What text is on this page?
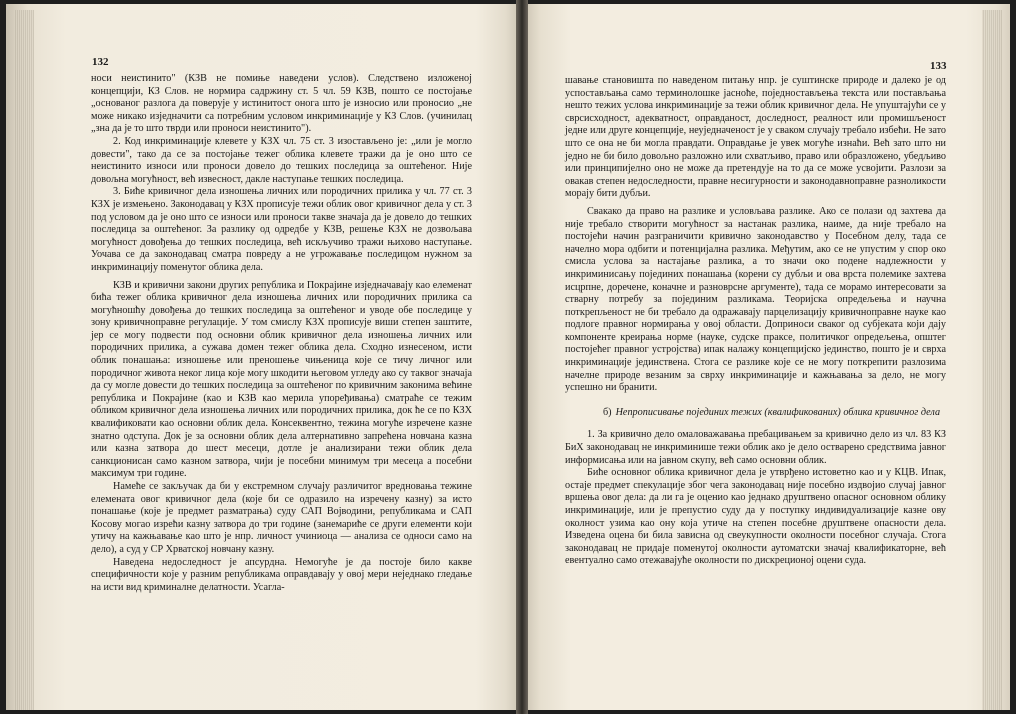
132	133

носи неистинито" (КЗВ не помиње наведени услов). Следствено изложеној концепцији, КЗ Слов. не нормира садржину ст. 5 чл. 59 КЗВ, пошто се постојање „основаног разлога да поверује у истинитост онога што је износио или проносио „не може никако изједначити са потребним условом инкриминације у КЗ Слов. (учинилац „зна да је то што тврди или проноси неистинито").

2. Код инкриминације клевете у КЗХ чл. 75 ст. 3 изостављено је: „или је могло довести", тако да се за постојање тежег облика клевете тражи да је оно што се неистинито износи или проноси довело до тешких последица за оштећеног. Није довољна могућност, већ извесност, дакле наступање тешких последица.

3. Биће кривичног дела изношења личних или породичних прилика у чл. 77 ст. 3 КЗХ је измењено. Законодавац у КЗХ прописује тежи облик овог кривичног дела у ст. 3 под условом да је оно што се износи или проноси такве значаја да је довело до тешких последица за оштећеног. За разлику од одредбе у КЗВ, решење КЗХ не дозвољава могућност довођења до тешких последица, већ искључиво тражи њихово наступање. Уочава се да законодавац сматра повреду а не угрожавање последицом нужном за инкриминацију поменутог облика дела.

КЗВ и кривични закони других република и Покрајине изједначавају као елеменат бића тежег облика кривичног дела изношења личних или породичних прилика са могућношћу довођења до тешких последица за оштећеног и уводе обе последице у зону кривичноправне регулације. У том смислу КЗХ прописује виши степен заштите, јер се могу подвести под основни облик кривичног дела изношења личних или породичних прилика, а сужава домен тежег облика дела. Сходно изнесеном, исти облик понашања: изношење или преношење чињеница које се тичу личног или породичног живота неког лица које могу шкодити његовом угледу ако су таквог значаја да су могле довести до тешких последица за оштећеног по кривичним законима већине република и Покрајине (као и КЗВ као мерила упоређивања) сматраће се тежим обликом кривичног дела изношења личних или породичних прилика, док ће се по КЗХ квалификовати као основни облик дела. Консеквентно, тежина могуће изречене казне знатно одступа. Док је за основни облик дела алтернативно запрећена новчана казна или казна затвора до шест месеци, дотле је анализирани тежи облик дела санкционисан само казном затвора, чији је посебни минимум три месеца а посебни максимум три године.

Намеће се закључак да би у екстремном случају различитог вредновања тежине елемената овог кривичног дела (које би се одразило на изречену казну) за исто понашање (које је предмет разматрања) суду САП Војводини, републикама и САП Косову могао изрећи казну затвора до три године (занемариће се други елементи који утичу на кажњавање као што је нпр. личност учиниоца — анализа се односи само на дело), а суд у СР Хрватској новчану казну.

Наведена недоследност је апсурдна. Немогуће је да постоје било какве специфичности које у разним републикама оправдавају у овој мери неједнако гледање на исти вид криминалне делатности. Усагла-

шавање становишта по наведеном питању нпр. је суштинске природе и далеко је од успостављања само терминолошке јасноће, поједностављења текста или постављања нешто тежих услова инкриминације за тежи облик кривичног дела. Не упуштајући се у сврсисходност, адекватност, оправданост, доследност, реалност или промишљеност једне или друге концепције, неуједначеност је у сваком случају требало избећи. Не зато што се она не би могла правдати. Оправдање је увек могуће изнаћи. Већ зато што ни једно не би било довољно разложно или схватљиво, право или образложено, убедљиво или принципијелно оно не може да претендује на то да се може усвојити. Разлози за овакав степен недоследности, правне несигурности и законодавноправне разноликости морају бити дубљи.

Свакако да право на разлике и условљава разлике. Ако се полази од захтева да није требало створити могућност за настанак разлика, наиме, да није требало на постојећи начин разграничити кривично законодавство у Посебном делу, тада се начелно мора одбити и потенцијална разлика. Међутим, ако се не упустим у спор око смисла услова за настајање разлика, а то значи око подене надлежности у инкриминисању појединих понашања (корени су дубљи и ова врста полемике захтева исцрпне, доречене, коначне и разноврсне аргументе), тада се морамо интересовати за стварну потребу за појединим разликама. Теоријска опредељења и научна поткрепљеност не би требало да одражавају парцелизацију кривичноправне науке као подлоге правног нормирања у овој области. Доприноси сваког од субјеката који дају компоненте креирања норме (науке, судске праксе, политичког опредељења, општег постојећег правног устројства) ипак налажу концепцијско јединство, пошто је и сврха инкриминације јединствена. Стога се разлике које се не могу поткрепити разлозима начелне природе везаним за сврху инкриминације и кажњавања за дело, не могу успешно ни бранити.

б) Непрописивање појединих тежих (квалификованих) облика кривичног дела

1. За кривично дело омаловажавања пребацивањем за кривично дело из чл. 83 КЗ БиХ законодавац не инкриминише тежи облик ако је дело остварено средствима јавног информисања или на јавном скупу, већ само основни облик.

Биће основног облика кривичног дела је утврђено истоветно као и у КЦВ. Ипак, остаје предмет спекулације због чега законодавац није посебно издвојио случај јавног вршења овог дела: да ли га је оценио као једнако друштвено опасног основном облику инкриминације, или је препустио суду да у поступку индивидуализације казне ову околност узима као ону која утиче на степен посебне друштвене опасности дела. Изведена оцена би била зависна од свеукупности околности посебног случаја. Стога законодавац не придаје поменутој околности аутоматски значај квалификаторне, већ евентуално само отежавајуће околности по дискреционој оцени суда.
